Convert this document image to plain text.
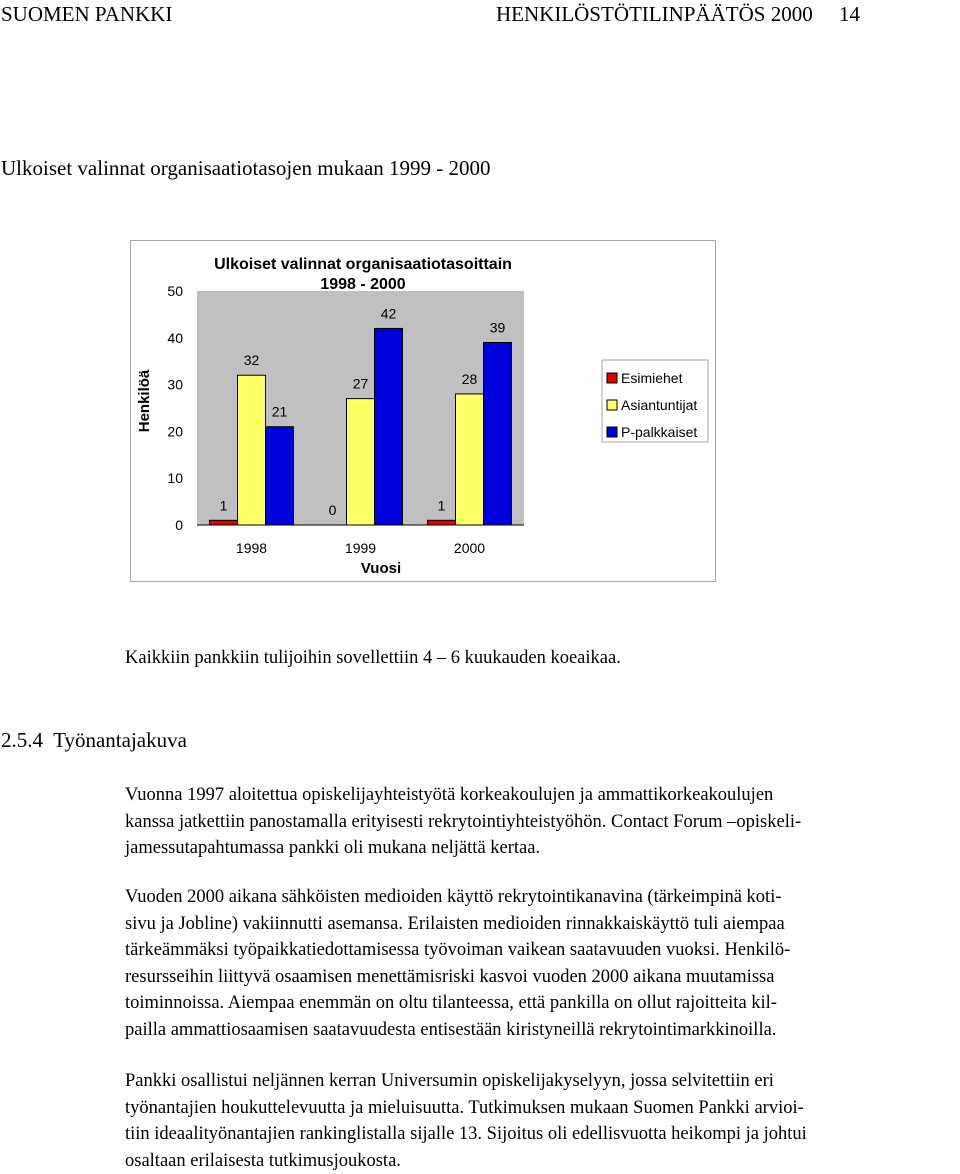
SUOMEN PANKKI	HENKILÖSTÖTILINPÄÄTÖS 2000     14
Ulkoiset valinnat organisaatiotasojen mukaan 1999 - 2000
Ulkoiset valinnat organisaatiotasoittain
1998 - 2000
0
10
20
30
40
50
Henkilöä
1
32
21
1998
0
27
42
1999
1
28
39
2000
Vuosi
Esimiehet
Asiantuntijat
P-palkkaiset

Kaikkiin pankkiin tulijoihin sovellettiin 4 – 6 kuukauden koeaikaa.

2.5.4  Työnantajakuva
Vuonna 1997 aloitettua opiskelijayhteistyötä korkeakoulujen ja ammattikorkeakoulujen
kanssa jatkettiin panostamalla erityisesti rekrytointiyhteistyöhön. Contact Forum –opiskeli-
jamessutapahtumassa pankki oli mukana neljättä kertaa.
Vuoden 2000 aikana sähköisten medioiden käyttö rekrytointikanavina (tärkeimpinä koti-
sivu ja Jobline) vakiinnutti asemansa. Erilaisten medioiden rinnakkaiskäyttö tuli aiempaa
tärkeämmäksi työpaikkatiedottamisessa työvoiman vaikean saatavuuden vuoksi. Henkilö-
resursseihin liittyvä osaamisen menettämisriski kasvoi vuoden 2000 aikana muutamissa
toiminnoissa. Aiempaa enemmän on oltu tilanteessa, että pankilla on ollut rajoitteita kil-
pailla ammattiosaamisen saatavuudesta entisestään kiristyneillä rekrytointimarkkinoilla.
Pankki osallistui neljännen kerran Universumin opiskelijakyselyyn, jossa selvitettiin eri
työnantajien houkuttelevuutta ja mieluisuutta. Tutkimuksen mukaan Suomen Pankki arvioi-
tiin ideaalityönantajien rankinglistalla sijalle 13. Sijoitus oli edellisvuotta heikompi ja johtui
osaltaan erilaisesta tutkimusjoukosta.
